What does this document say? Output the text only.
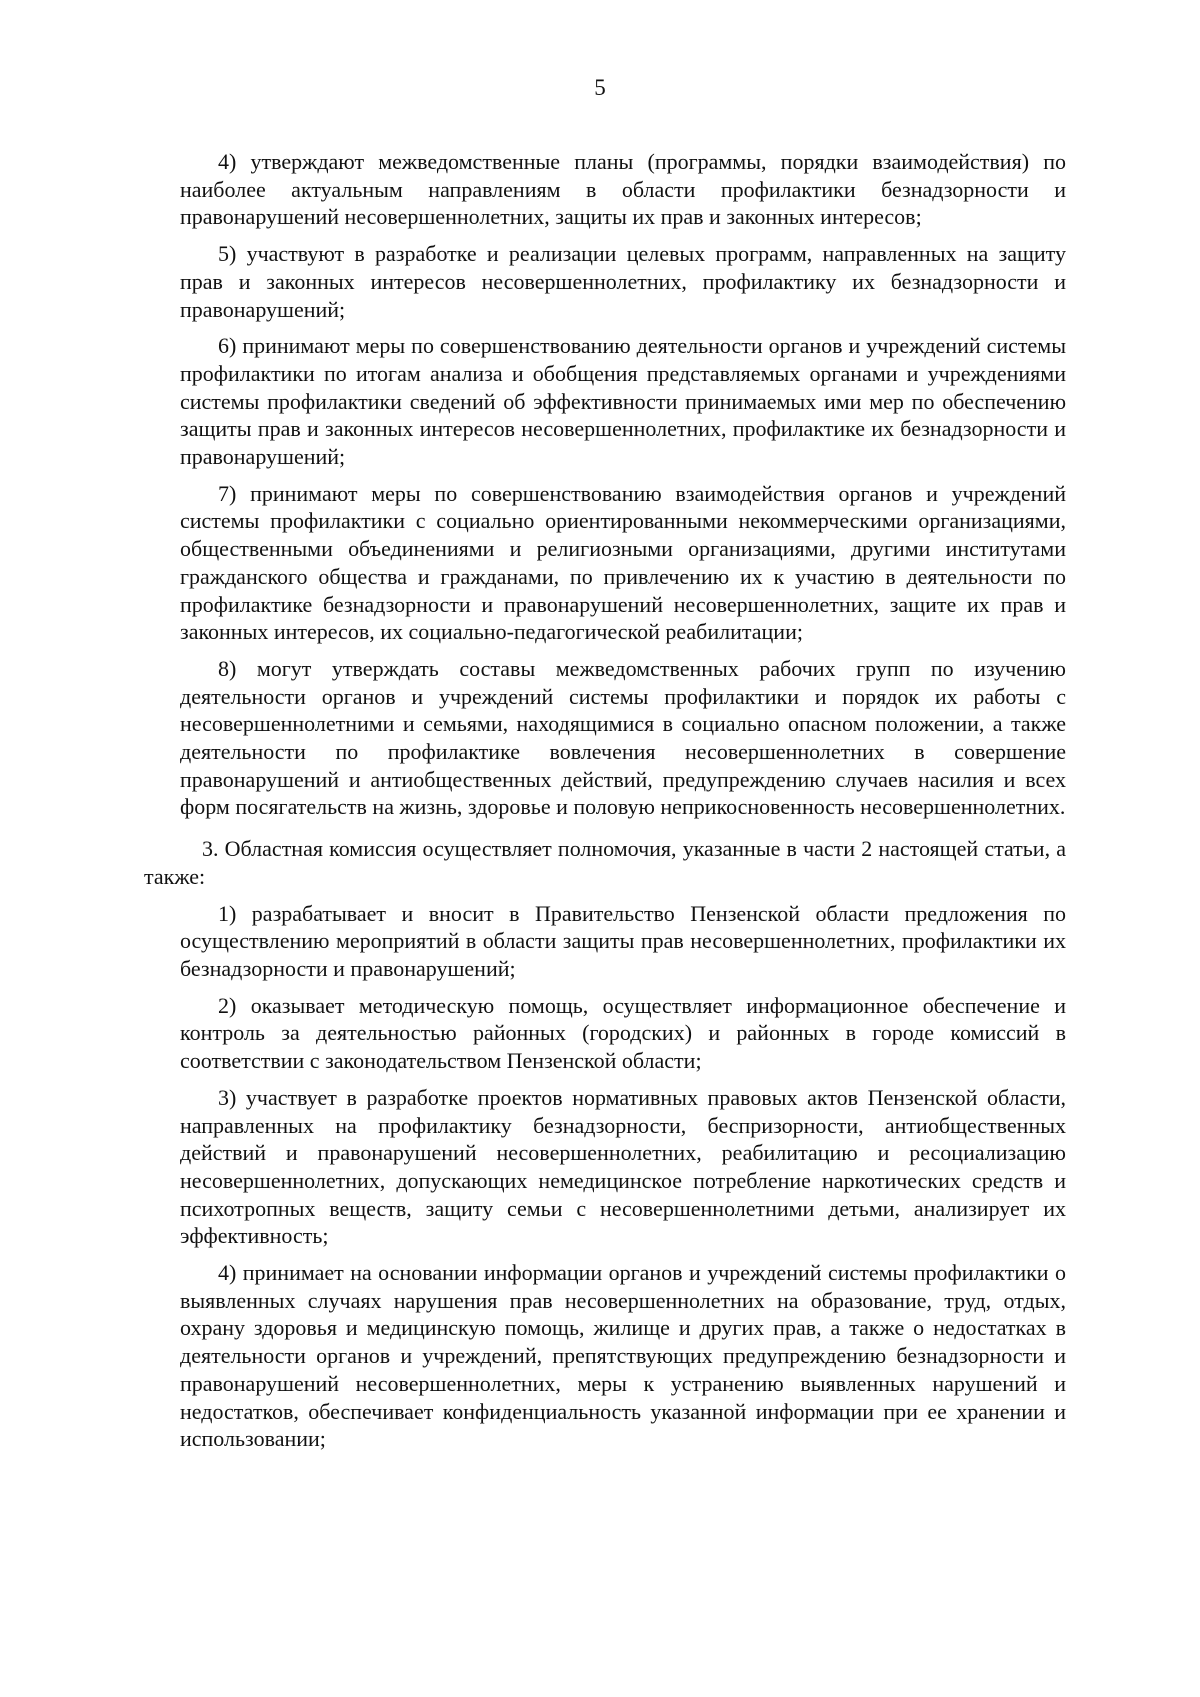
5

4) утверждают межведомственные планы (программы, порядки взаимодействия) по наиболее актуальным направлениям в области профилактики безнадзорности и правонарушений несовершеннолетних, защиты их прав и законных интересов;

5) участвуют в разработке и реализации целевых программ, направленных на защиту прав и законных интересов несовершеннолетних, профилактику их безнадзорности и правонарушений;

6) принимают меры по совершенствованию деятельности органов и учреждений системы профилактики по итогам анализа и обобщения представляемых органами и учреждениями системы профилактики сведений об эффективности принимаемых ими мер по обеспечению защиты прав и законных интересов несовершеннолетних, профилактике их безнадзорности и правонарушений;

7) принимают меры по совершенствованию взаимодействия органов и учреждений системы профилактики с социально ориентированными некоммерческими организациями, общественными объединениями и религиозными организациями, другими институтами гражданского общества и гражданами, по привлечению их к участию в деятельности по профилактике безнадзорности и правонарушений несовершеннолетних, защите их прав и законных интересов, их социально-педагогической реабилитации;

8) могут утверждать составы межведомственных рабочих групп по изучению деятельности органов и учреждений системы профилактики и порядок их работы с несовершеннолетними и семьями, находящимися в социально опасном положении, а также деятельности по профилактике вовлечения несовершеннолетних в совершение правонарушений и антиобщественных действий, предупреждению случаев насилия и всех форм посягательств на жизнь, здоровье и половую неприкосновенность несовершеннолетних.

3. Областная комиссия осуществляет полномочия, указанные в части 2 настоящей статьи, а также:

1) разрабатывает и вносит в Правительство Пензенской области предложения по осуществлению мероприятий в области защиты прав несовершеннолетних, профилактики их безнадзорности и правонарушений;

2) оказывает методическую помощь, осуществляет информационное обеспечение и контроль за деятельностью районных (городских) и районных в городе комиссий в соответствии с законодательством Пензенской области;

3) участвует в разработке проектов нормативных правовых актов Пензенской области, направленных на профилактику безнадзорности, беспризорности, антиобщественных действий и правонарушений несовершеннолетних, реабилитацию и ресоциализацию несовершеннолетних, допускающих немедицинское потребление наркотических средств и психотропных веществ, защиту семьи с несовершеннолетними детьми, анализирует их эффективность;

4) принимает на основании информации органов и учреждений системы профилактики о выявленных случаях нарушения прав несовершеннолетних на образование, труд, отдых, охрану здоровья и медицинскую помощь, жилище и других прав, а также о недостатках в деятельности органов и учреждений, препятствующих предупреждению безнадзорности и правонарушений несовершеннолетних, меры к устранению выявленных нарушений и недостатков, обеспечивает конфиденциальность указанной информации при ее хранении и использовании;
